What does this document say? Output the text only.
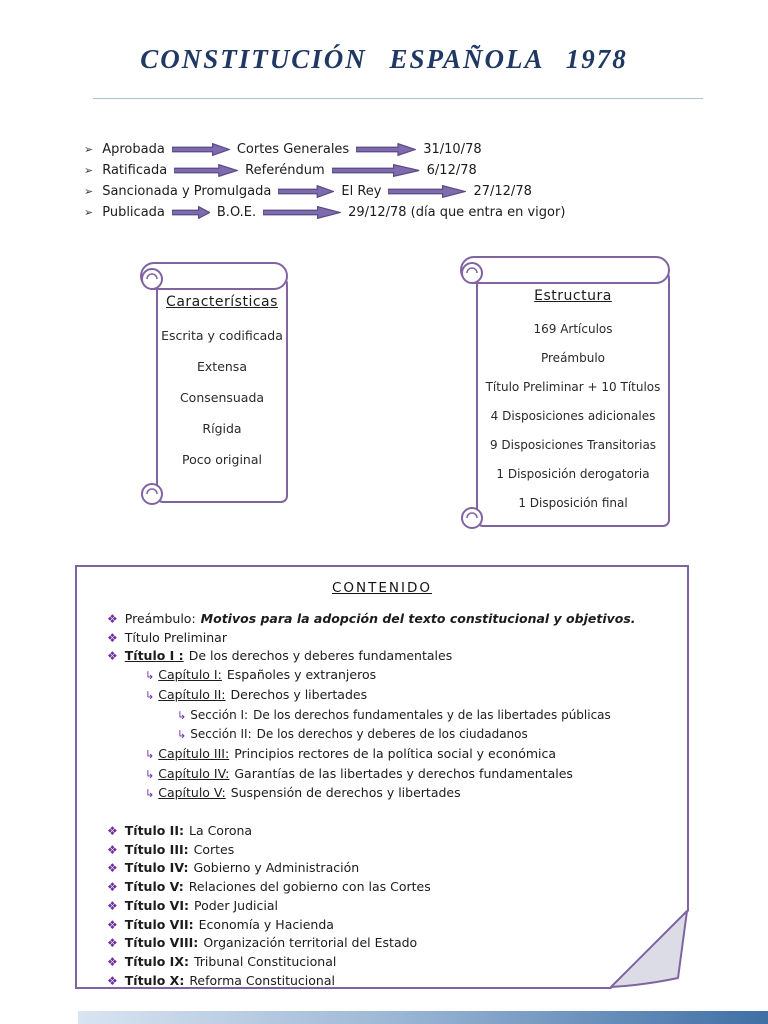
CONSTITUCIÓN ESPAÑOLA 1978
➢ Aprobada	Cortes Generales	31/10/78
➢ Ratificada	Referéndum	6/12/78
➢ Sancionada y Promulgada	El Rey	27/12/78
➢ Publicada	B.O.E.	29/12/78 (día que entra en vigor)
Características
Escrita y codificada
Extensa
Consensuada
Rígida
Poco original
Estructura
169 Artículos
Preámbulo
Título Preliminar + 10 Títulos
4 Disposiciones adicionales
9 Disposiciones Transitorias
1 Disposición derogatoria
1 Disposición final
CONTENIDO
❖ Preámbulo: Motivos para la adopción del texto constitucional y objetivos.
❖ Título Preliminar
❖ Título I : De los derechos y deberes fundamentales
↳ Capítulo I: Españoles y extranjeros
↳ Capítulo II: Derechos y libertades
↳ Sección I: De los derechos fundamentales y de las libertades públicas
↳ Sección II: De los derechos y deberes de los ciudadanos
↳ Capítulo III: Principios rectores de la política social y económica
↳ Capítulo IV: Garantías de las libertades y derechos fundamentales
↳ Capítulo V: Suspensión de derechos y libertades
❖ Título II: La Corona
❖ Título III: Cortes
❖ Título IV: Gobierno y Administración
❖ Título V: Relaciones del gobierno con las Cortes
❖ Título VI: Poder Judicial
❖ Título VII: Economía y Hacienda
❖ Título VIII: Organización territorial del Estado
❖ Título IX: Tribunal Constitucional
❖ Título X: Reforma Constitucional
